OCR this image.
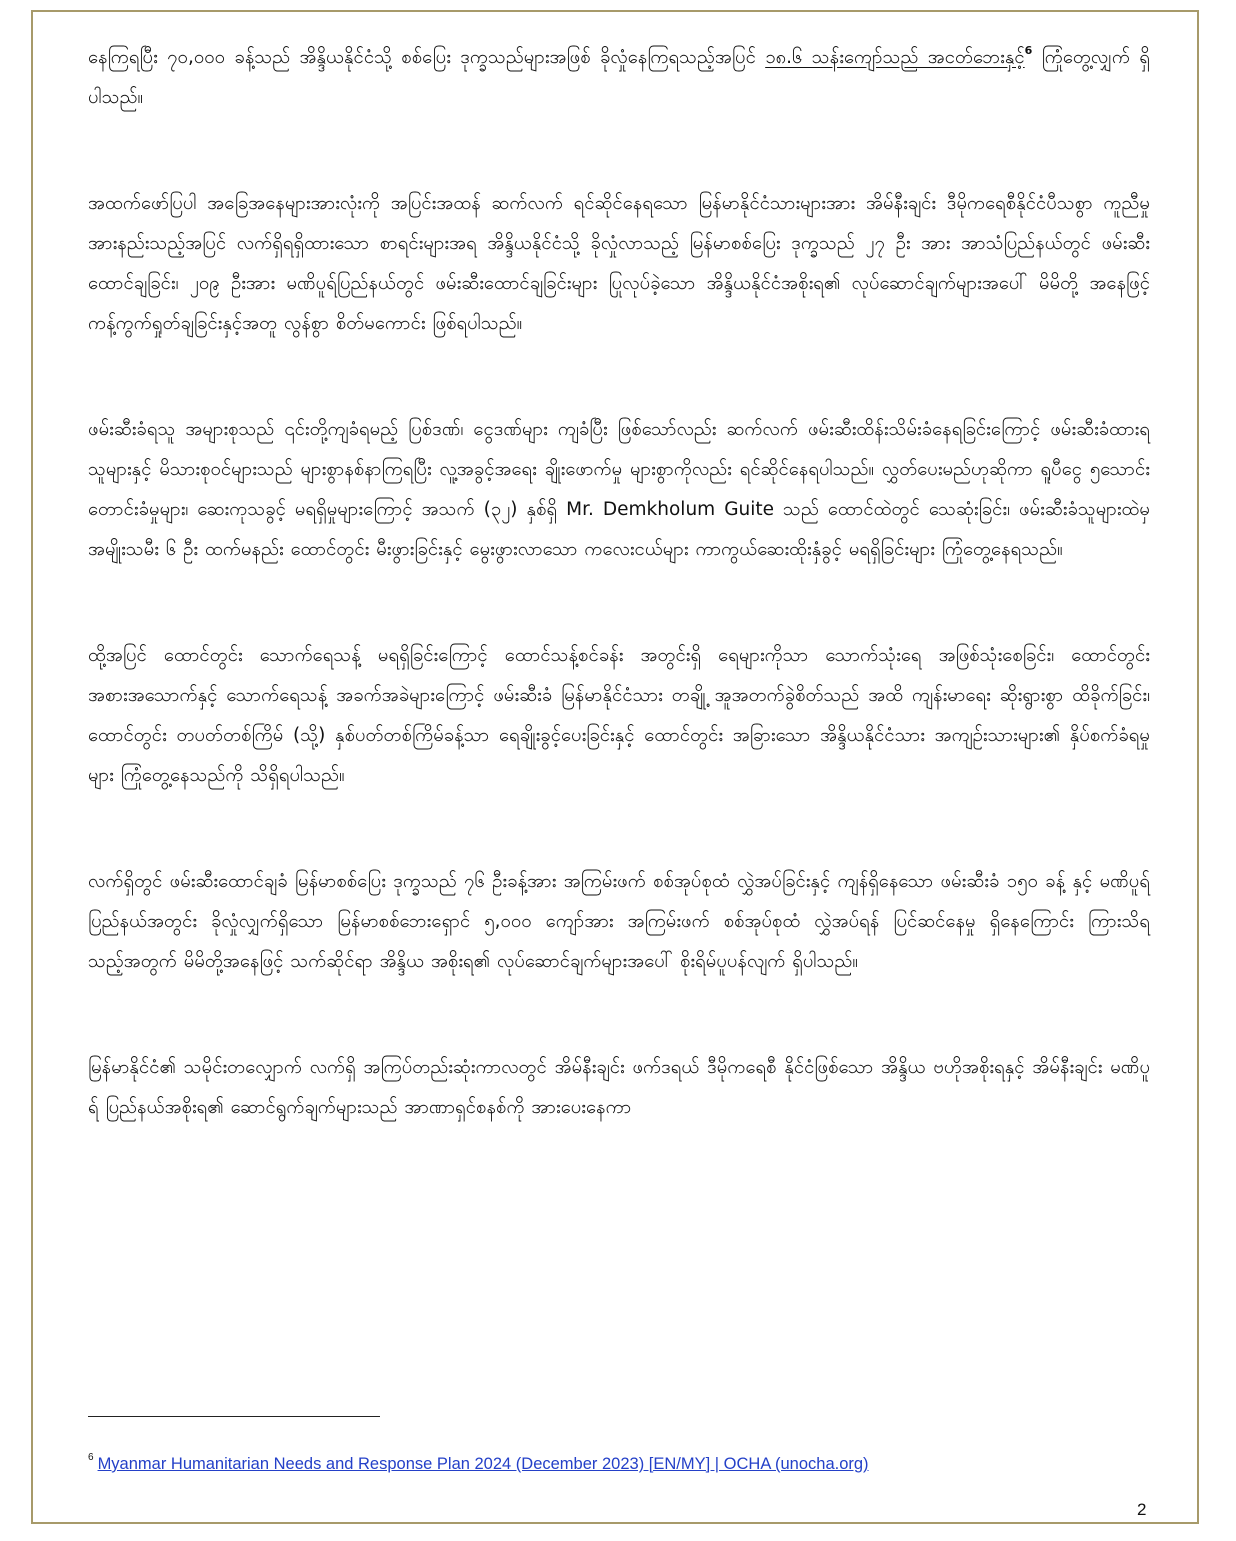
နေကြရပြီး ၇၀,၀၀၀ ခန့်သည် အိန္ဒိယနိုင်ငံသို့ စစ်ပြေး ဒုက္ခသည်များအဖြစ် ခိုလှုံနေကြရသည့်အပြင် ၁၈.၆ သန်းကျော်သည် အငတ်ဘေးနှင့်$^6$ ကြုံတွေ့လျှက် ရှိပါသည်။

အထက်ဖော်ပြပါ အခြေအနေများအားလုံးကို အပြင်းအထန် ဆက်လက် ရင်ဆိုင်နေရသော မြန်မာနိုင်ငံသားများအား အိမ်နီးချင်း ဒီမိုကရေစီနိုင်ငံပီသစွာ ကူညီမှု အားနည်းသည့်အပြင် လက်ရှိရရှိထားသော စာရင်းများအရ အိန္ဒိယနိုင်ငံသို့ ခိုလှုံလာသည့် မြန်မာစစ်ပြေး ဒုက္ခသည် ၂၇ ဦး အား အာသံပြည်နယ်တွင် ဖမ်းဆီးထောင်ချခြင်း၊ ၂၀၉ ဦးအား မဏိပူရ်ပြည်နယ်တွင် ဖမ်းဆီးထောင်ချခြင်းများ ပြုလုပ်ခဲ့သော အိန္ဒိယနိုင်ငံအစိုးရ၏ လုပ်ဆောင်ချက်များအပေါ် မိမိတို့ အနေဖြင့် ကန့်ကွက်ရှုတ်ချခြင်းနှင့်အတူ လွန်စွာ စိတ်မကောင်း ဖြစ်ရပါသည်။

ဖမ်းဆီးခံရသူ အများစုသည် ၎င်းတို့ကျခံရမည့် ပြစ်ဒဏ်၊ ငွေဒဏ်များ ကျခံပြီး ဖြစ်သော်လည်း ဆက်လက် ဖမ်းဆီးထိန်းသိမ်းခံနေရခြင်းကြောင့် ဖမ်းဆီးခံထားရသူများနှင့် မိသားစုဝင်များသည် များစွာနစ်နာကြရပြီး လူ့အခွင့်အရေး ချိုးဖောက်မှု များစွာကိုလည်း ရင်ဆိုင်နေရပါသည်။ လွှတ်ပေးမည်ဟုဆိုကာ ရူပီငွေ ၅သောင်း တောင်းခံမှုများ၊ ဆေးကုသခွင့် မရရှိမှုများကြောင့် အသက် (၃၂) နှစ်ရှိ Mr. Demkholum Guite သည် ထောင်ထဲတွင် သေဆုံးခြင်း၊ ဖမ်းဆီးခံသူများထဲမှ အမျိုးသမီး ၆ ဦး ထက်မနည်း ထောင်တွင်း မီးဖွားခြင်းနှင့် မွေးဖွားလာသော ကလေးငယ်များ ကာကွယ်ဆေးထိုးနှံခွင့် မရရှိခြင်းများ ကြုံတွေ့နေရသည်။

ထို့အပြင် ထောင်တွင်း သောက်ရေသန့် မရရှိခြင်းကြောင့် ထောင်သန့်စင်ခန်း အတွင်းရှိ ရေများကိုသာ သောက်သုံးရေ အဖြစ်သုံးစေခြင်း၊ ထောင်တွင်း အစားအသောက်နှင့် သောက်ရေသန့် အခက်အခဲများကြောင့် ဖမ်းဆီးခံ မြန်မာနိုင်ငံသား တချို့ အူအတက်ခွဲစိတ်သည် အထိ ကျန်းမာရေး ဆိုးရွားစွာ ထိခိုက်ခြင်း၊ ထောင်တွင်း တပတ်တစ်ကြိမ် (သို့) နှစ်ပတ်တစ်ကြိမ်ခန့်သာ ရေချိုးခွင့်ပေးခြင်းနှင့် ထောင်တွင်း အခြားသော အိန္ဒိယနိုင်ငံသား အကျဉ်းသားများ၏ နှိပ်စက်ခံရမှုများ ကြုံတွေ့နေသည်ကို သိရှိရပါသည်။

လက်ရှိတွင် ဖမ်းဆီးထောင်ချခံ မြန်မာစစ်ပြေး ဒုက္ခသည် ၇၆ ဦးခန့်အား အကြမ်းဖက် စစ်အုပ်စုထံ လွှဲအပ်ခြင်းနှင့် ကျန်ရှိနေသော ဖမ်းဆီးခံ ၁၅၀ ခန့် နှင့် မဏိပူရ် ပြည်နယ်အတွင်း ခိုလှုံလျှက်ရှိသော မြန်မာစစ်ဘေးရှောင် ၅,၀၀၀ ကျော်အား အကြမ်းဖက် စစ်အုပ်စုထံ လွှဲအပ်ရန် ပြင်ဆင်နေမှု ရှိနေကြောင်း ကြားသိရသည့်အတွက် မိမိတို့အနေဖြင့် သက်ဆိုင်ရာ အိန္ဒိယ အစိုးရ၏ လုပ်ဆောင်ချက်များအပေါ် စိုးရိမ်ပူပန်လျက် ရှိပါသည်။

မြန်မာနိုင်ငံ၏ သမိုင်းတလျှောက် လက်ရှိ အကြပ်တည်းဆုံးကာလတွင် အိမ်နီးချင်း ဖက်ဒရယ် ဒီမိုကရေစီ နိုင်ငံဖြစ်သော အိန္ဒိယ ဗဟိုအစိုးရနှင့် အိမ်နီးချင်း မဏိပူရ် ပြည်နယ်အစိုးရ၏ ဆောင်ရွက်ချက်များသည် အာဏာရှင်စနစ်ကို အားပေးနေကာ

$^6$ Myanmar Humanitarian Needs and Response Plan 2024 (December 2023) [EN/MY] | OCHA (unocha.org)
2
